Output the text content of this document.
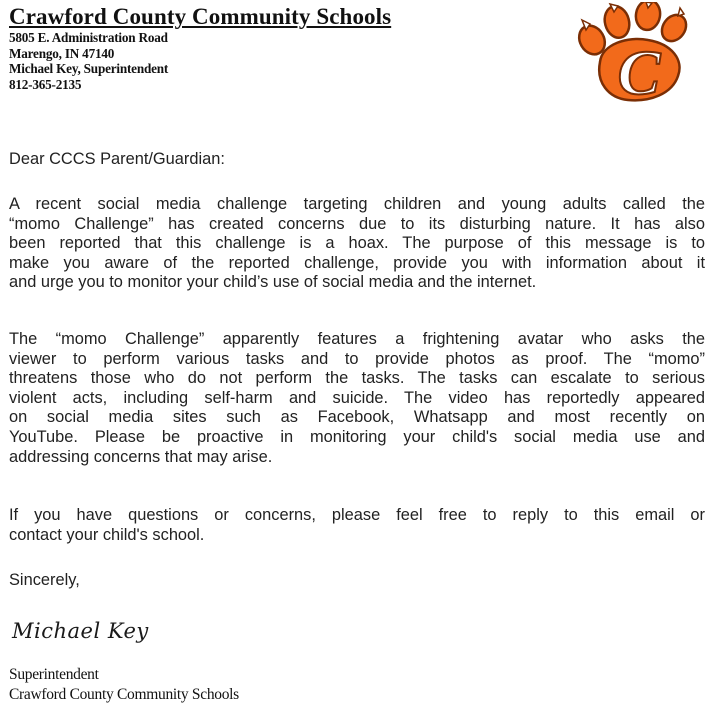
Crawford County Community Schools
5805 E. Administration Road
Marengo, IN 47140
Michael Key, Superintendent
812-365-2135	C
Dear CCCS Parent/Guardian:
A recent social media challenge targeting children and young adults called the
“momo Challenge” has created concerns due to its disturbing nature. It has also
been reported that this challenge is a hoax. The purpose of this message is to
make you aware of the reported challenge, provide you with information about it
and urge you to monitor your child’s use of social media and the internet.
The “momo Challenge” apparently features a frightening avatar who asks the
viewer to perform various tasks and to provide photos as proof. The “momo”
threatens those who do not perform the tasks. The tasks can escalate to serious
violent acts, including self-harm and suicide. The video has reportedly appeared
on social media sites such as Facebook, Whatsapp and most recently on
YouTube. Please be proactive in monitoring your child's social media use and
addressing concerns that may arise.
If you have questions or concerns, please feel free to reply to this email or
contact your child's school.
Sincerely,
Michael Key
Superintendent
Crawford County Community Schools
